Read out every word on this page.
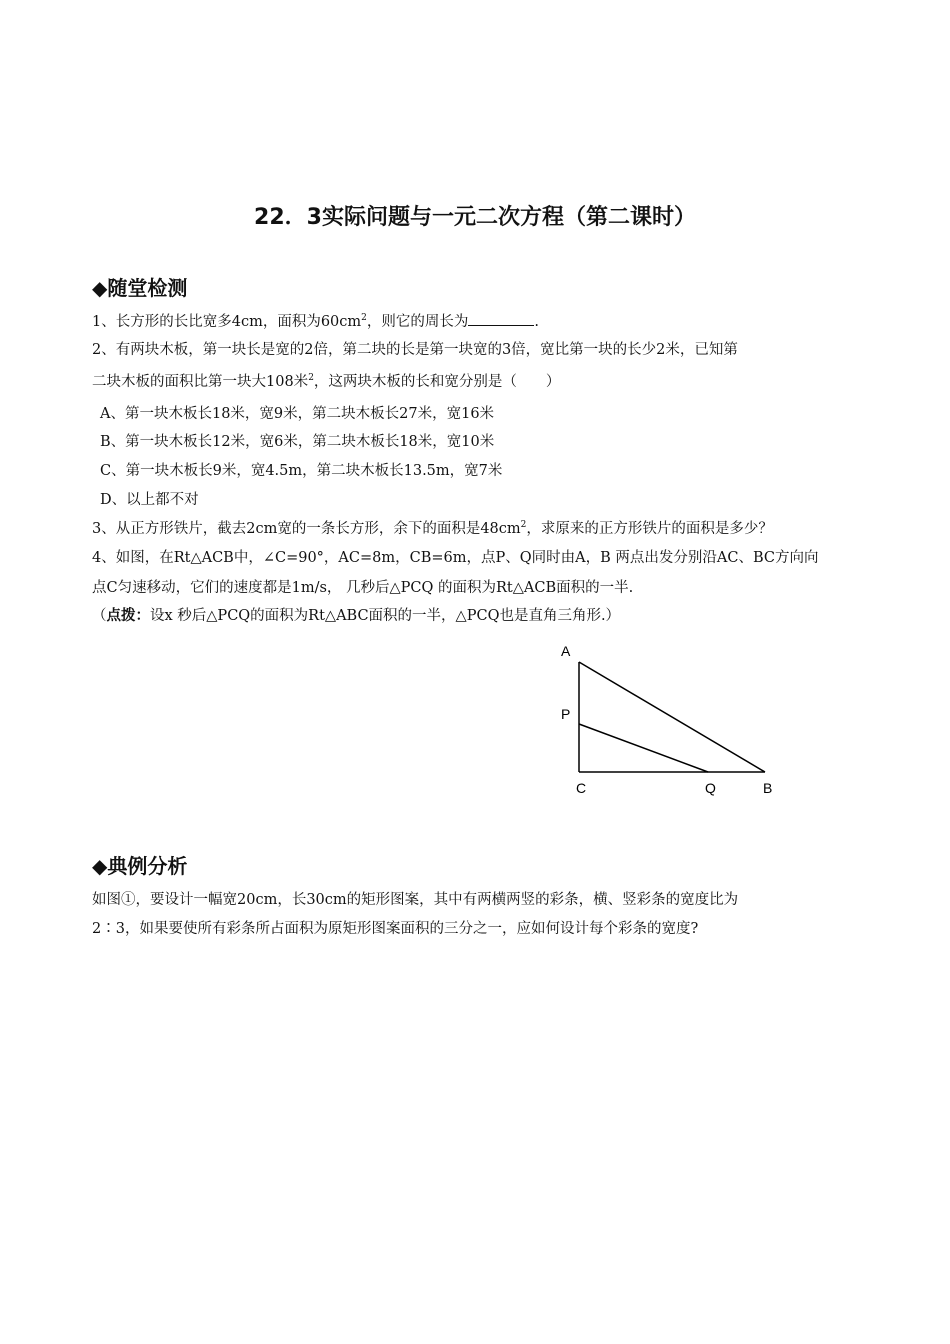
22．3实际问题与一元二次方程（第二课时）
◆随堂检测
1、长方形的长比宽多4cm，面积为$60cm^2$，则它的周长为	.
2、有两块木板，第一块长是宽的2倍，第二块的长是第一块宽的3倍，宽比第一块的长少2米，已知第
二块木板的面积比第一块大108米$^2$，这两块木板的长和宽分别是（　　）
A、第一块木板长18米，宽9米，第二块木板长27米，宽16米
B、第一块木板长12米，宽6米，第二块木板长18米，宽10米
C、第一块木板长9米，宽4.5m，第二块木板长13.5m，宽7米
D、以上都不对
3、从正方形铁片，截去2cm宽的一条长方形，余下的面积是$48cm^2$，求原来的正方形铁片的面积是多少？
4、如图，在Rt△ACB中，∠C=90°，AC=8m，CB=6m，点P、Q同时由A，B 两点出发分别沿AC、BC方向向
点C匀速移动，它们的速度都是1m/s， 几秒后△PCQ 的面积为Rt△ACB面积的一半.
（点拨：设x 秒后△PCQ的面积为Rt△ABC面积的一半，△PCQ也是直角三角形.）
A
P
C	Q	B
◆典例分析
如图①，要设计一幅宽20cm，长30cm的矩形图案，其中有两横两竖的彩条，横、竖彩条的宽度比为
2∶3，如果要使所有彩条所占面积为原矩形图案面积的三分之一，应如何设计每个彩条的宽度?
